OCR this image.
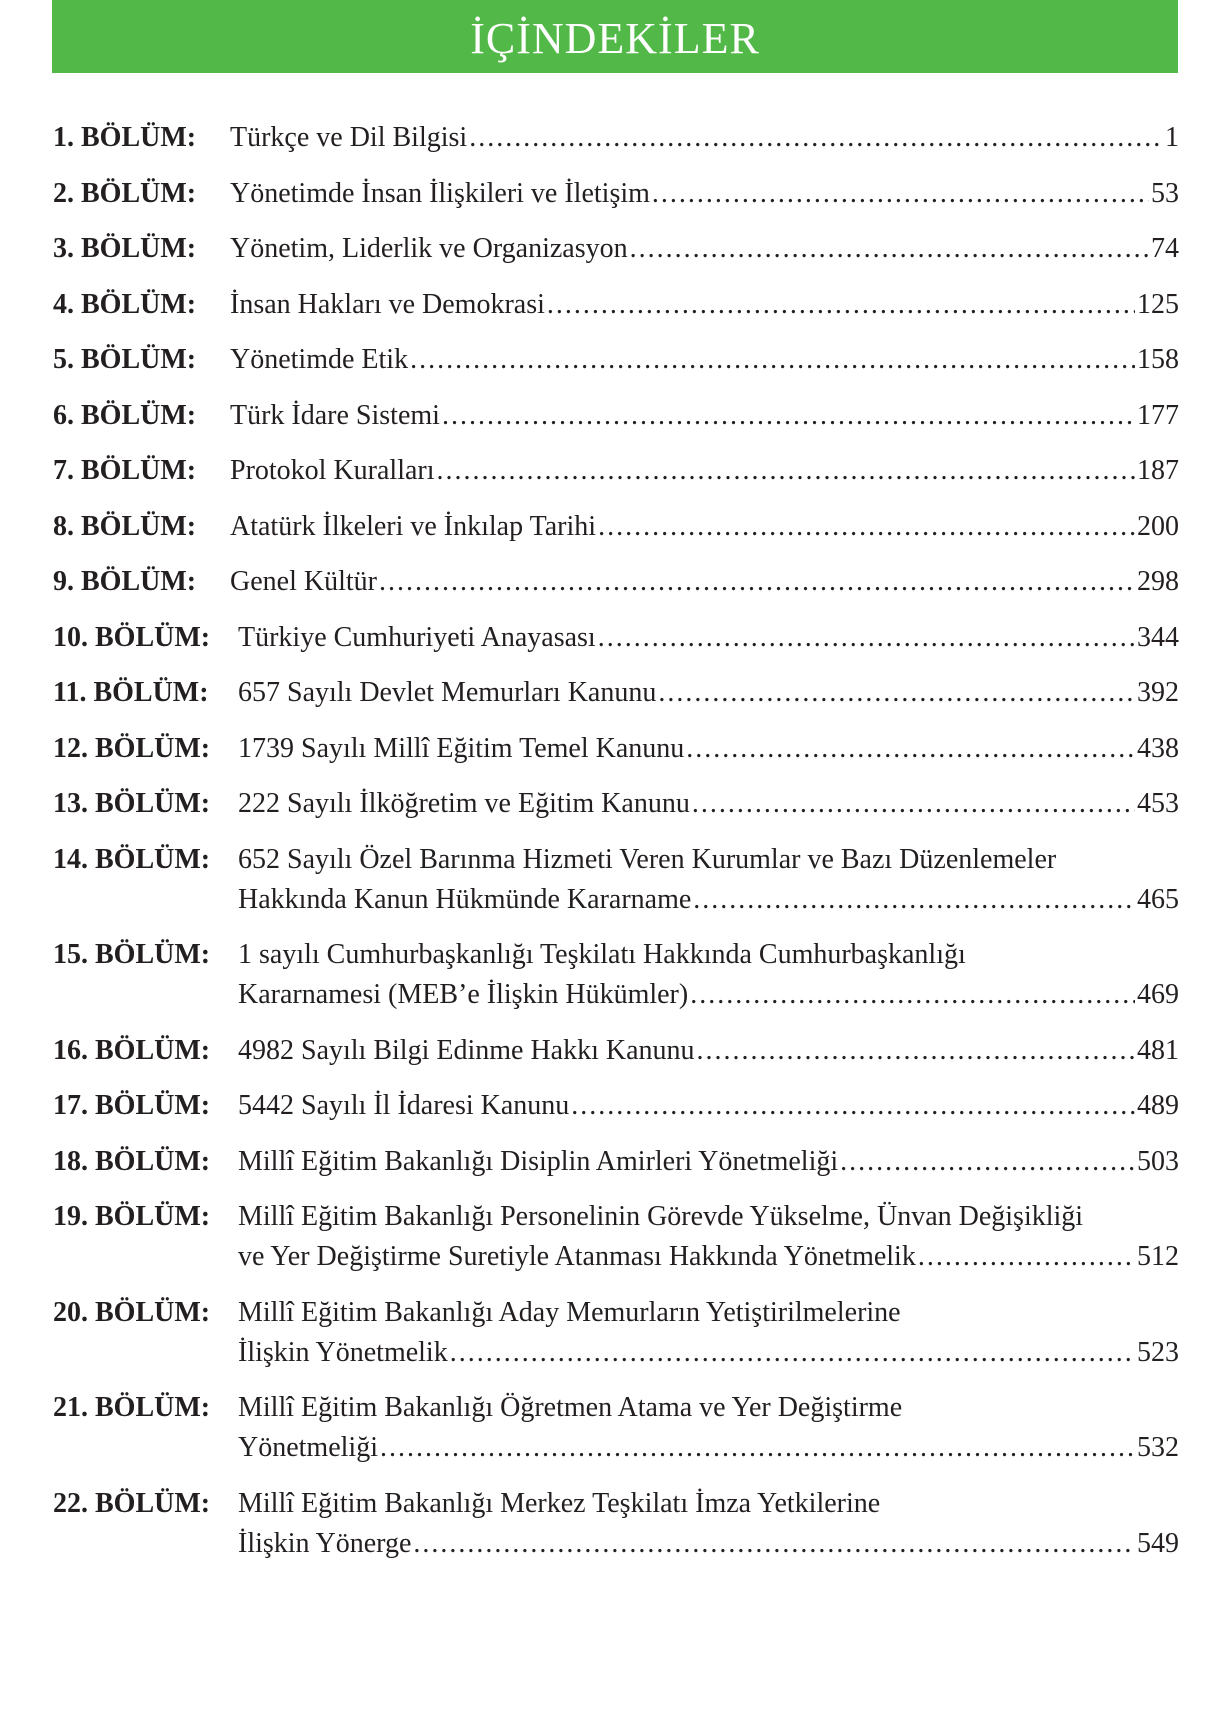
İÇİNDEKİLER
1. BÖLÜM:	Türkçe ve Dil Bilgisi .....	1
2. BÖLÜM:	Yönetimde İnsan İlişkileri ve İletişim .....	53
3. BÖLÜM:	Yönetim, Liderlik ve Organizasyon .....	74
4. BÖLÜM:	İnsan Hakları ve Demokrasi .....	125
5. BÖLÜM:	Yönetimde Etik .....	158
6. BÖLÜM:	Türk İdare Sistemi .....	177
7. BÖLÜM:	Protokol Kuralları .....	187
8. BÖLÜM:	Atatürk İlkeleri ve İnkılap Tarihi .....	200
9. BÖLÜM:	Genel Kültür .....	298
10. BÖLÜM: Türkiye Cumhuriyeti Anayasası .....	344
11. BÖLÜM:	657 Sayılı Devlet Memurları Kanunu .....	392
12. BÖLÜM: 1739 Sayılı Millî Eğitim Temel Kanunu .....	438
13. BÖLÜM: 222 Sayılı İlköğretim ve Eğitim Kanunu .....	453
14. BÖLÜM: 652 Sayılı Özel Barınma Hizmeti Veren Kurumlar ve Bazı Düzenlemeler
Hakkında Kanun Hükmünde Kararname .....	465
15. BÖLÜM: 1 sayılı Cumhurbaşkanlığı Teşkilatı Hakkında Cumhurbaşkanlığı
Kararnamesi (MEB’e İlişkin Hükümler) .....	469
16. BÖLÜM: 4982 Sayılı Bilgi Edinme Hakkı Kanunu .....	481
17. BÖLÜM: 5442 Sayılı İl İdaresi Kanunu .....	489
18. BÖLÜM: Millî Eğitim Bakanlığı Disiplin Amirleri Yönetmeliği .....	503
19. BÖLÜM: Millî Eğitim Bakanlığı Personelinin Görevde Yükselme, Ünvan Değişikliği
ve Yer Değiştirme Suretiyle Atanması Hakkında Yönetmelik .....	512
20. BÖLÜM: Millî Eğitim Bakanlığı Aday Memurların Yetiştirilmelerine
İlişkin Yönetmelik .....	523
21. BÖLÜM: Millî Eğitim Bakanlığı Öğretmen Atama ve Yer Değiştirme
Yönetmeliği .....	532
22. BÖLÜM: Millî Eğitim Bakanlığı Merkez Teşkilatı İmza Yetkilerine
İlişkin Yönerge .....	549
